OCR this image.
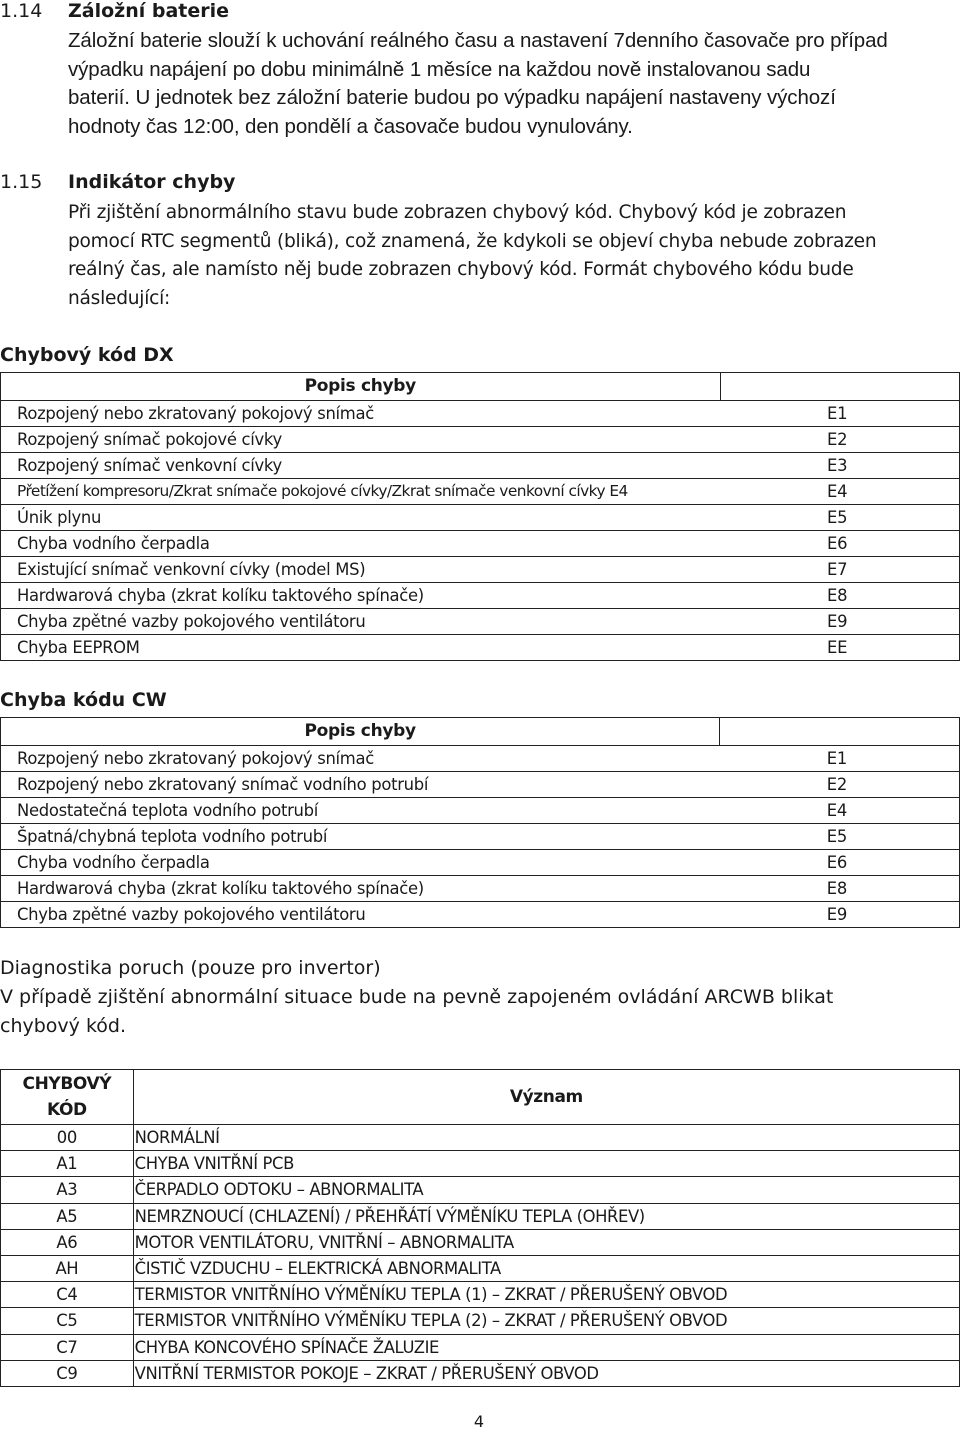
1.14 Záložní baterie
Záložní baterie slouží k uchování reálného času a nastavení 7denního časovače pro případ
výpadku napájení po dobu minimálně 1 měsíce na každou nově instalovanou sadu
baterií. U jednotek bez záložní baterie budou po výpadku napájení nastaveny výchozí
hodnoty čas 12:00, den pondělí a časovače budou vynulovány.
1.15 Indikátor chyby
Při zjištění abnormálního stavu bude zobrazen chybový kód. Chybový kód je zobrazen
pomocí RTC segmentů (bliká), což znamená, že kdykoli se objeví chyba nebude zobrazen
reálný čas, ale namísto něj bude zobrazen chybový kód. Formát chybového kódu bude
následující:
Chybový kód DX
Popis chyby	
Rozpojený nebo zkratovaný pokojový snímač	E1
Rozpojený snímač pokojové cívky	E2
Rozpojený snímač venkovní cívky	E3
Přetížení kompresoru/Zkrat snímače pokojové cívky/Zkrat snímače venkovní cívky E4	E4
Únik plynu	E5
Chyba vodního čerpadla	E6
Existující snímač venkovní cívky (model MS)	E7
Hardwarová chyba (zkrat kolíku taktového spínače)	E8
Chyba zpětné vazby pokojového ventilátoru	E9
Chyba EEPROM	EE
Chyba kódu CW
Popis chyby	
Rozpojený nebo zkratovaný pokojový snímač	E1
Rozpojený nebo zkratovaný snímač vodního potrubí	E2
Nedostatečná teplota vodního potrubí	E4
Špatná/chybná teplota vodního potrubí	E5
Chyba vodního čerpadla	E6
Hardwarová chyba (zkrat kolíku taktového spínače)	E8
Chyba zpětné vazby pokojového ventilátoru	E9
Diagnostika poruch (pouze pro invertor)
V případě zjištění abnormální situace bude na pevně zapojeném ovládání ARCWB blikat
chybový kód.
CHYBOVÝ
KÓD	Význam
00	NORMÁLNÍ
A1	CHYBA VNITŘNÍ PCB
A3	ČERPADLO ODTOKU – ABNORMALITA
A5	NEMRZNOUCÍ (CHLAZENÍ) / PŘEHŘÁTÍ VÝMĚNÍKU TEPLA (OHŘEV)
A6	MOTOR VENTILÁTORU, VNITŘNÍ – ABNORMALITA
AH	ČISTIČ VZDUCHU – ELEKTRICKÁ ABNORMALITA
C4	TERMISTOR VNITŘNÍHO VÝMĚNÍKU TEPLA (1) – ZKRAT / PŘERUŠENÝ OBVOD
C5	TERMISTOR VNITŘNÍHO VÝMĚNÍKU TEPLA (2) – ZKRAT / PŘERUŠENÝ OBVOD
C7	CHYBA KONCOVÉHO SPÍNAČE ŽALUZIE
C9	VNITŘNÍ TERMISTOR POKOJE – ZKRAT / PŘERUŠENÝ OBVOD
4
